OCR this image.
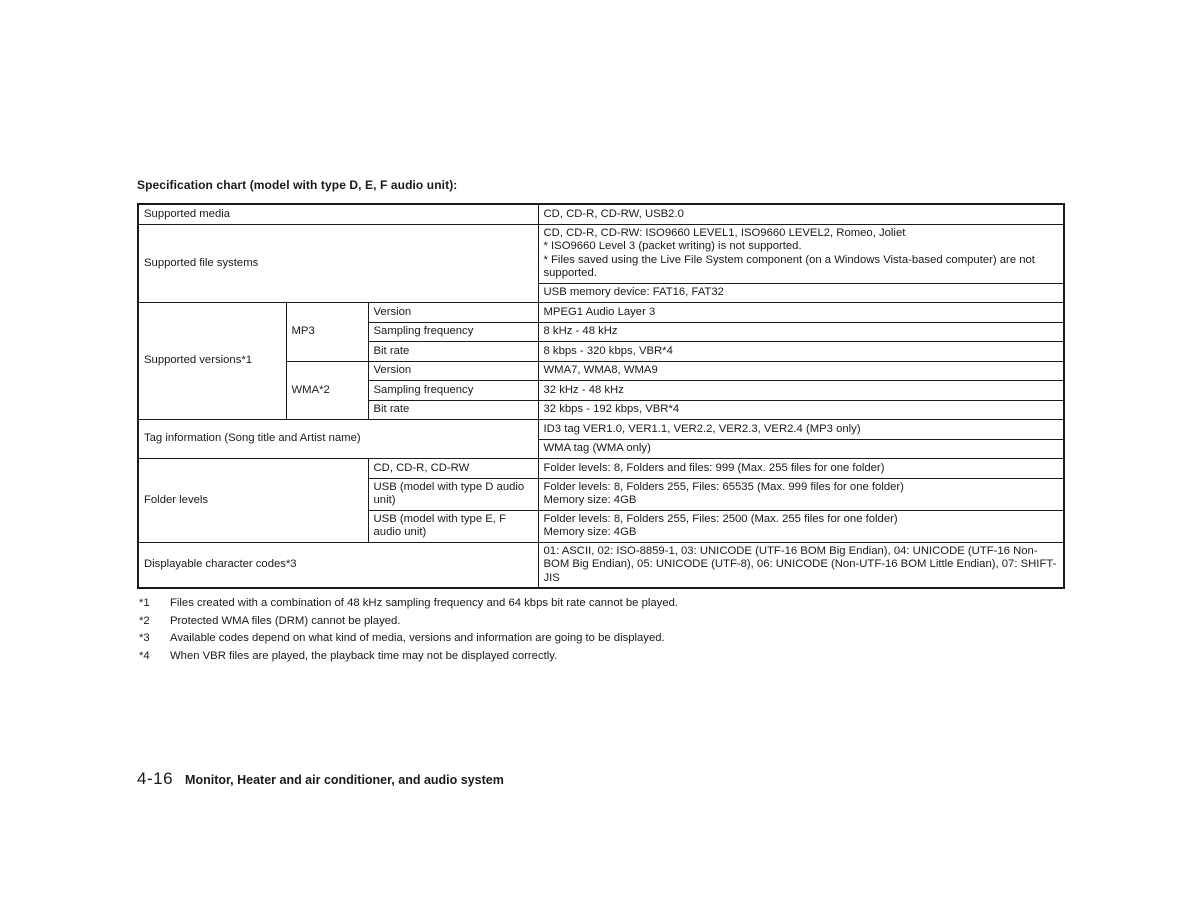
Specification chart (model with type D, E, F audio unit):
Supported media			CD, CD-R, CD-RW, USB2.0
Supported file systems			CD, CD-R, CD-RW: ISO9660 LEVEL1, ISO9660 LEVEL2, Romeo, Joliet
* ISO9660 Level 3 (packet writing) is not supported.
* Files saved using the Live File System component (on a Windows Vista-based computer) are not supported.

			USB memory device: FAT16, FAT32
Supported versions*1	MP3	Version	MPEG1 Audio Layer 3
		Sampling frequency	8 kHz - 48 kHz
		Bit rate	8 kbps - 320 kbps, VBR*4
	WMA*2	Version	WMA7, WMA8, WMA9
		Sampling frequency	32 kHz - 48 kHz
		Bit rate	32 kbps - 192 kbps, VBR*4
Tag information (Song title and Artist name)			ID3 tag VER1.0, VER1.1, VER2.2, VER2.3, VER2.4 (MP3 only)
			WMA tag (WMA only)
Folder levels		CD, CD-R, CD-RW	Folder levels: 8, Folders and files: 999 (Max. 255 files for one folder)
		USB (model with type D audio unit)	Folder levels: 8, Folders 255, Files: 65535 (Max. 999 files for one folder)
Memory size: 4GB

		USB (model with type E, F audio unit)	Folder levels: 8, Folders 255, Files: 2500 (Max. 255 files for one folder)
Memory size: 4GB

Displayable character codes*3			01: ASCII, 02: ISO-8859-1, 03: UNICODE (UTF-16 BOM Big Endian), 04: UNICODE (UTF-16 Non-BOM Big Endian), 05: UNICODE (UTF-8), 06: UNICODE (Non-UTF-16 BOM Little Endian), 07: SHIFT-JIS
*1	Files created with a combination of 48 kHz sampling frequency and 64 kbps bit rate cannot be played.
*2	Protected WMA files (DRM) cannot be played.
*3	Available codes depend on what kind of media, versions and information are going to be displayed.
*4	When VBR files are played, the playback time may not be displayed correctly.
4-16 Monitor, Heater and air conditioner, and audio system
